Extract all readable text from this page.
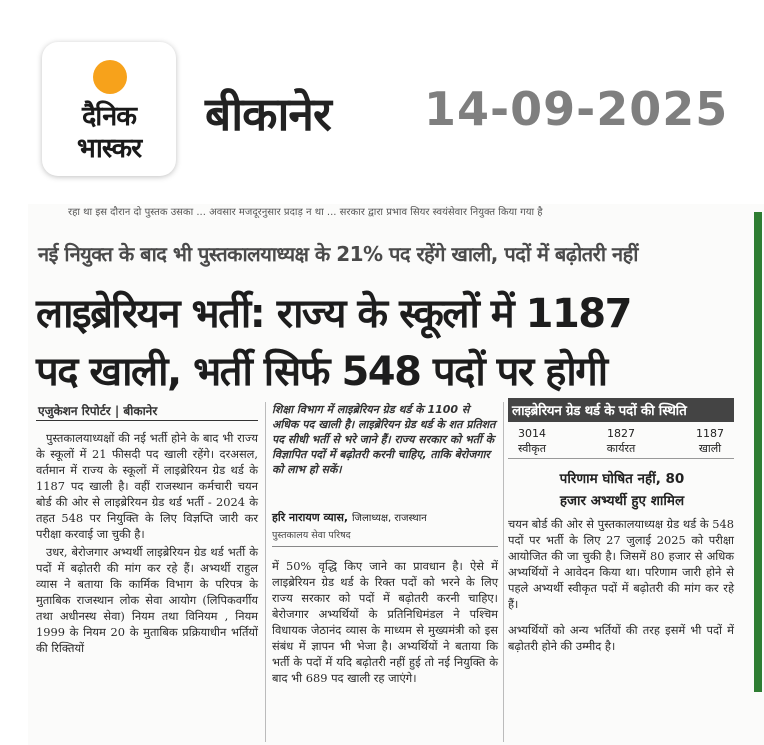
दैनिक
भास्कर
बीकानेर 14-09-2025
रहा था इस दौरान दो पुस्तक उसका ... अवसार मजदूरनुसार प्रदाड़ न था ... सरकार द्वारा प्रभाव सियर स्वयंसेवार नियुक्त किया गया है
नई नियुक्त के बाद भी पुस्तकालयाध्यक्ष के 21% पद रहेंगे खाली, पदों में बढ़ोतरी नहीं
लाइब्रेरियन भर्ती: राज्य के स्कूलों में 1187
पद खाली, भर्ती सिर्फ 548 पदों पर होगी
एजुकेशन रिपोर्टर | बीकानेर

पुस्तकालयाध्यक्षों की नई भर्ती होने के बाद भी राज्य के स्कूलों में 21 फीसदी पद खाली रहेंगे। दरअसल, वर्तमान में राज्य के स्कूलों में लाइब्रेरियन ग्रेड थर्ड के 1187 पद खाली है। वहीं राजस्थान कर्मचारी चयन बोर्ड की ओर से लाइब्रेरियन ग्रेड थर्ड भर्ती - 2024 के तहत 548 पर नियुक्ति के लिए विज्ञप्ति जारी कर परीक्षा करवाई जा चुकी है।

उधर, बेरोजगार अभ्यर्थी लाइब्रेरियन ग्रेड थर्ड भर्ती के पदों में बढ़ोतरी की मांग कर रहे हैं। अभ्यर्थी राहुल व्यास ने बताया कि कार्मिक विभाग के परिपत्र के मुताबिक राजस्थान लोक सेवा आयोग (लिपिकवर्गीय तथा अधीनस्थ सेवा) नियम तथा विनियम , नियम 1999 के नियम 20 के मुताबिक प्रक्रियाधीन भर्तियों की रिक्तियों

शिक्षा विभाग में लाइब्रेरियन ग्रेड थर्ड के 1100 से अधिक पद खाली है। लाइब्रेरियन ग्रेड थर्ड के शत प्रतिशत पद सीधी भर्ती से भरे जाने हैं। राज्य सरकार को भर्ती के विज्ञापित पदों में बढ़ोतरी करनी चाहिए, ताकि बेरोजगार को लाभ हो सकें।
हरि नारायण व्यास, जिलाध्यक्ष, राजस्थान
पुस्तकालय सेवा परिषद

में 50% वृद्धि किए जाने का प्रावधान है। ऐसे में लाइब्रेरियन ग्रेड थर्ड के रिक्त पदों को भरने के लिए राज्य सरकार को पदों में बढ़ोतरी करनी चाहिए। बेरोजगार अभ्यर्थियों के प्रतिनिधिमंडल ने पश्चिम विधायक जेठानंद व्यास के माध्यम से मुख्यमंत्री को इस संबंध में ज्ञापन भी भेजा है। अभ्यर्थियों ने बताया कि भर्ती के पदों में यदि बढ़ोतरी नहीं हुई तो नई नियुक्ति के बाद भी 689 पद खाली रह जाएंगे।

लाइब्रेरियन ग्रेड थर्ड के पदों की स्थिति
3014
स्वीकृत
1827
कार्यरत
1187
खाली
परिणाम घोषित नहीं, 80
हजार अभ्यर्थी हुए शामिल

चयन बोर्ड की ओर से पुस्तकालयाध्यक्ष ग्रेड थर्ड के 548 पदों पर भर्ती के लिए 27 जुलाई 2025 को परीक्षा आयोजित की जा चुकी है। जिसमें 80 हजार से अधिक अभ्यर्थियों ने आवेदन किया था। परिणाम जारी होने से पहले अभ्यर्थी स्वीकृत पदों में बढ़ोतरी की मांग कर रहे हैं।

अभ्यर्थियों को अन्य भर्तियों की तरह इसमें भी पदों में बढ़ोतरी होने की उम्मीद है।
